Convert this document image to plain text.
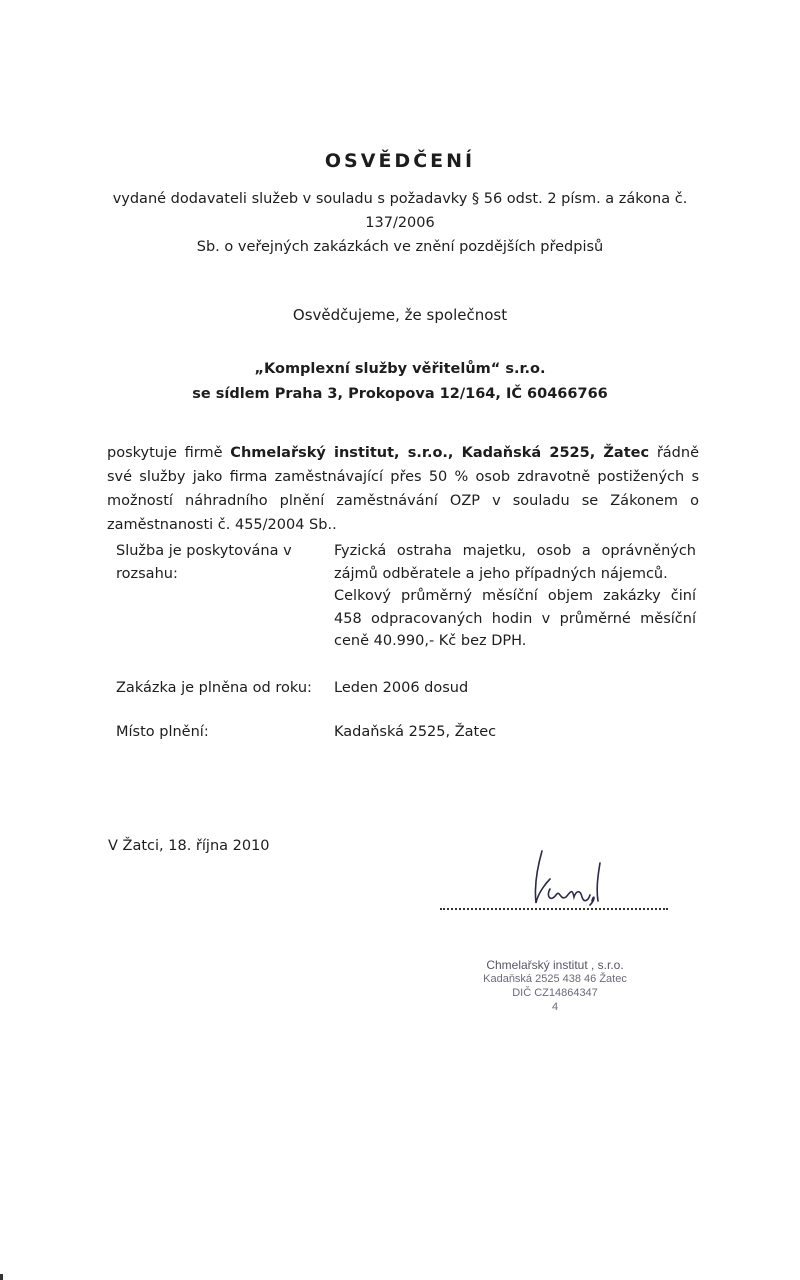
OSVĚDČENÍ
vydané dodavateli služeb v souladu s požadavky § 56 odst. 2 písm. a zákona č. 137/2006
Sb. o veřejných zakázkách ve znění pozdějších předpisů
Osvědčujeme, že společnost
„Komplexní služby věřitelům“ s.r.o.
se sídlem Praha 3, Prokopova 12/164, IČ 60466766
poskytuje firmě Chmelařský institut, s.r.o., Kadaňská 2525, Žatec řádně své služby jako firma zaměstnávající přes 50 % osob zdravotně postižených s možností náhradního plnění zaměstnávání OZP v souladu se Zákonem o zaměstnanosti č. 455/2004 Sb..
Služba je poskytována v rozsahu:
Fyzická ostraha majetku, osob a oprávněných zájmů odběratele a jeho případných nájemců.
Celkový průměrný měsíční objem zakázky činí 458 odpracovaných hodin v průměrné měsíční ceně 40.990,- Kč bez DPH.
Zakázka je plněna od roku:	Leden 2006 dosud
Místo plnění:	Kadaňská 2525, Žatec
V Žatci, 18. října 2010
Chmelařský institut , s.r.o.
Kadaňská 2525 438 46 Žatec
DIČ CZ14864347
4
